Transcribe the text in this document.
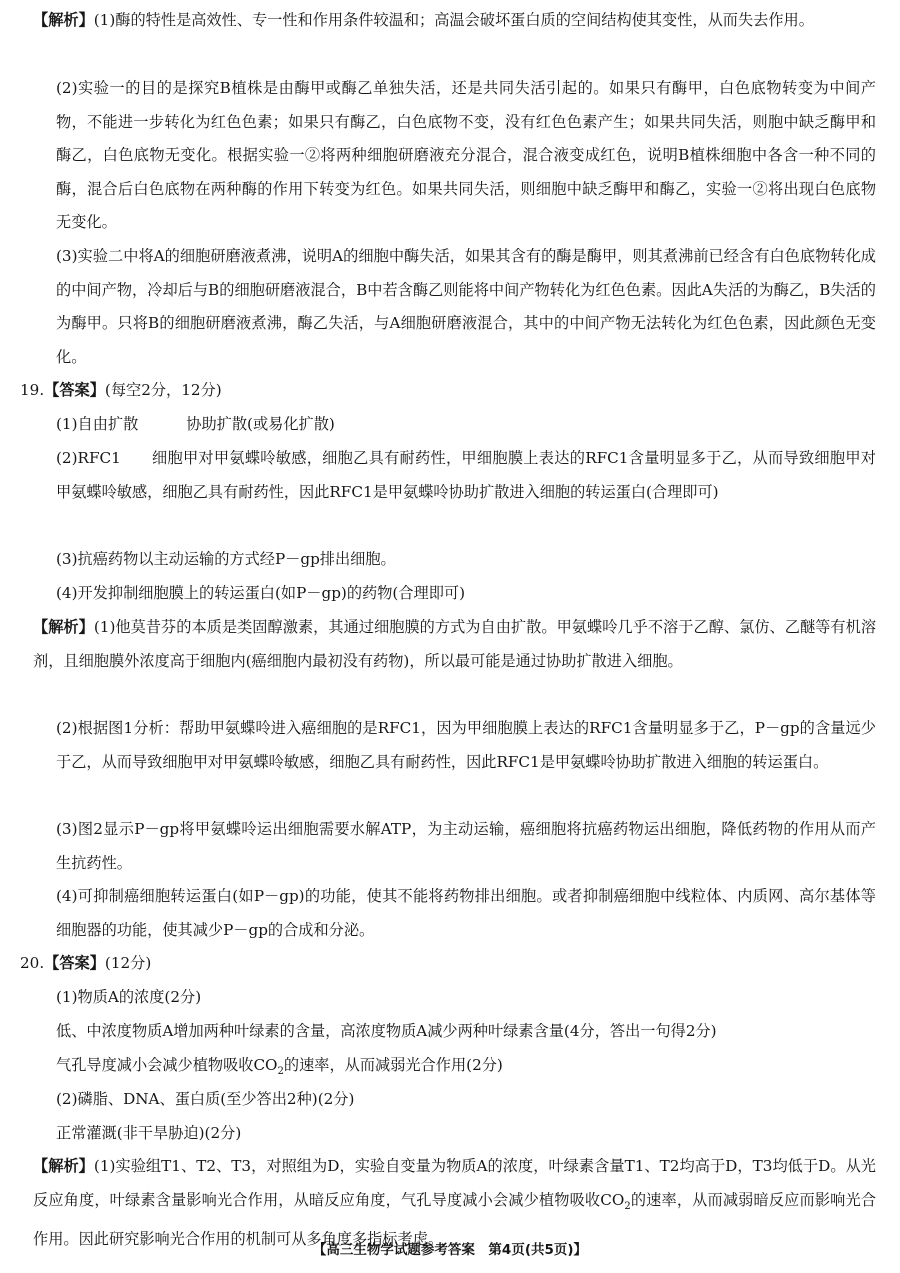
【解析】(1)酶的特性是高效性、专一性和作用条件较温和；高温会破坏蛋白质的空间结构使其变性，从而失去作用。
(2)实验一的目的是探究B植株是由酶甲或酶乙单独失活，还是共同失活引起的。如果只有酶甲，白色底物转变为中间产物，不能进一步转化为红色色素；如果只有酶乙，白色底物不变，没有红色色素产生；如果共同失活，则胞中缺乏酶甲和酶乙，白色底物无变化。根据实验一②将两种细胞研磨液充分混合，混合液变成红色，说明B植株细胞中各含一种不同的酶，混合后白色底物在两种酶的作用下转变为红色。如果共同失活，则细胞中缺乏酶甲和酶乙，实验一②将出现白色底物无变化。
(3)实验二中将A的细胞研磨液煮沸，说明A的细胞中酶失活，如果其含有的酶是酶甲，则其煮沸前已经含有白色底物转化成的中间产物，冷却后与B的细胞研磨液混合，B中若含酶乙则能将中间产物转化为红色色素。因此A失活的为酶乙，B失活的为酶甲。只将B的细胞研磨液煮沸，酶乙失活，与A细胞研磨液混合，其中的中间产物无法转化为红色色素，因此颜色无变化。
19.【答案】(每空2分，12分)
(1)自由扩散	协助扩散(或易化扩散)
(2)RFC1　　细胞甲对甲氨蝶呤敏感，细胞乙具有耐药性，甲细胞膜上表达的RFC1含量明显多于乙，从而导致细胞甲对甲氨蝶呤敏感，细胞乙具有耐药性，因此RFC1是甲氨蝶呤协助扩散进入细胞的转运蛋白(合理即可)
(3)抗癌药物以主动运输的方式经P－gp排出细胞。
(4)开发抑制细胞膜上的转运蛋白(如P－gp)的药物(合理即可)
【解析】(1)他莫昔芬的本质是类固醇激素，其通过细胞膜的方式为自由扩散。甲氨蝶呤几乎不溶于乙醇、氯仿、乙醚等有机溶剂，且细胞膜外浓度高于细胞内(癌细胞内最初没有药物)，所以最可能是通过协助扩散进入细胞。
(2)根据图1分析：帮助甲氨蝶呤进入癌细胞的是RFC1，因为甲细胞膜上表达的RFC1含量明显多于乙，P－gp的含量远少于乙，从而导致细胞甲对甲氨蝶呤敏感，细胞乙具有耐药性，因此RFC1是甲氨蝶呤协助扩散进入细胞的转运蛋白。
(3)图2显示P－gp将甲氨蝶呤运出细胞需要水解ATP，为主动运输，癌细胞将抗癌药物运出细胞，降低药物的作用从而产生抗药性。
(4)可抑制癌细胞转运蛋白(如P－gp)的功能，使其不能将药物排出细胞。或者抑制癌细胞中线粒体、内质网、高尔基体等细胞器的功能，使其减少P－gp的合成和分泌。
20.【答案】(12分)
(1)物质A的浓度(2分)
低、中浓度物质A增加两种叶绿素的含量，高浓度物质A减少两种叶绿素含量(4分，答出一句得2分)
气孔导度减小会减少植物吸收$CO_2$的速率，从而减弱光合作用(2分)
(2)磷脂、DNA、蛋白质(至少答出2种)(2分)
正常灌溉(非干旱胁迫)(2分)
【解析】(1)实验组T1、T2、T3，对照组为D，实验自变量为物质A的浓度，叶绿素含量T1、T2均高于D，T3均低于D。从光反应角度，叶绿素含量影响光合作用，从暗反应角度，气孔导度减小会减少植物吸收$CO_2$的速率，从而减弱暗反应而影响光合作用。因此研究影响光合作用的机制可从多角度多指标考虑。
【高三生物学试题参考答案　第4页(共5页)】
